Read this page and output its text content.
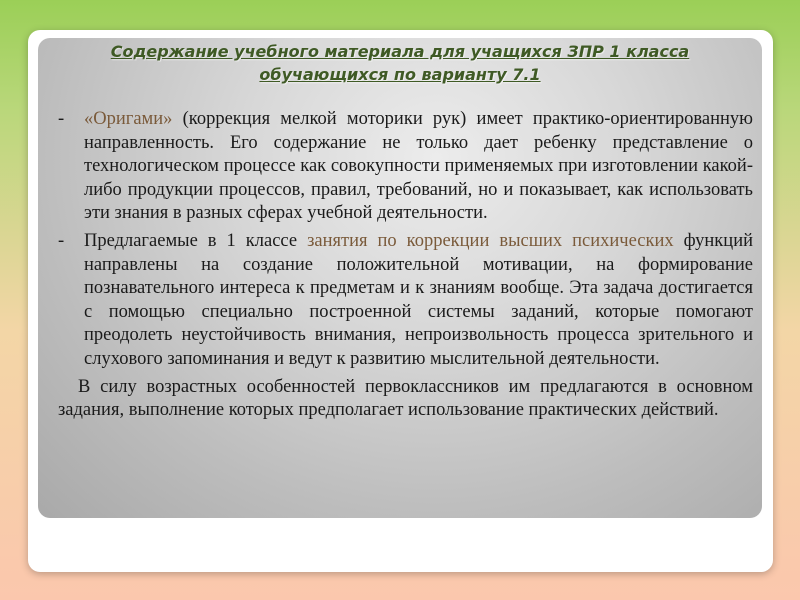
Содержание учебного материала для учащихся ЗПР 1 класса
обучающихся по варианту 7.1
-	«Оригами» (коррекция мелкой моторики рук) имеет практико-ориентированную направленность. Его содержание не только дает ребенку представление о технологическом процессе как совокупности применяемых при изготовлении какой-либо продукции процессов, правил, требований, но и показывает, как использовать эти знания в разных сферах учебной деятельности.

-	Предлагаемые в 1 классе занятия по коррекции высших психических функций направлены на создание положительной мотивации, на формирование познавательного интереса к предметам и к знаниям вообще. Эта задача достигается с помощью специально построенной системы заданий, которые помогают преодолеть неустойчивость внимания, непроизвольность процесса зрительного и слухового запоминания и ведут к развитию мыслительной деятельности.

В силу возрастных особенностей первоклассников им предлагаются в основном задания, выполнение которых предполагает использование практических действий.
